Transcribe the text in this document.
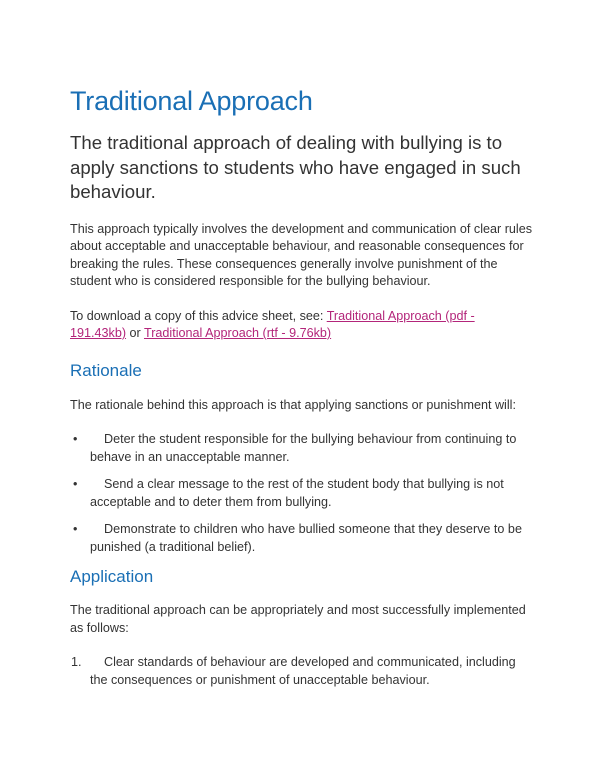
Traditional Approach

The traditional approach of dealing with bullying is to apply sanctions to students who have engaged in such behaviour.

This approach typically involves the development and communication of clear rules about acceptable and unacceptable behaviour, and reasonable consequences for breaking the rules. These consequences generally involve punishment of the student who is considered responsible for the bullying behaviour.

To download a copy of this advice sheet, see: Traditional Approach (pdf - 191.43kb) or Traditional Approach (rtf - 9.76kb)

Rationale

The rationale behind this approach is that applying sanctions or punishment will:

• Deter the student responsible for the bullying behaviour from continuing to behave in an unacceptable manner.
• Send a clear message to the rest of the student body that bullying is not acceptable and to deter them from bullying.
• Demonstrate to children who have bullied someone that they deserve to be punished (a traditional belief).
Application

The traditional approach can be appropriately and most successfully implemented as follows:

1. Clear standards of behaviour are developed and communicated, including the consequences or punishment of unacceptable behaviour.
